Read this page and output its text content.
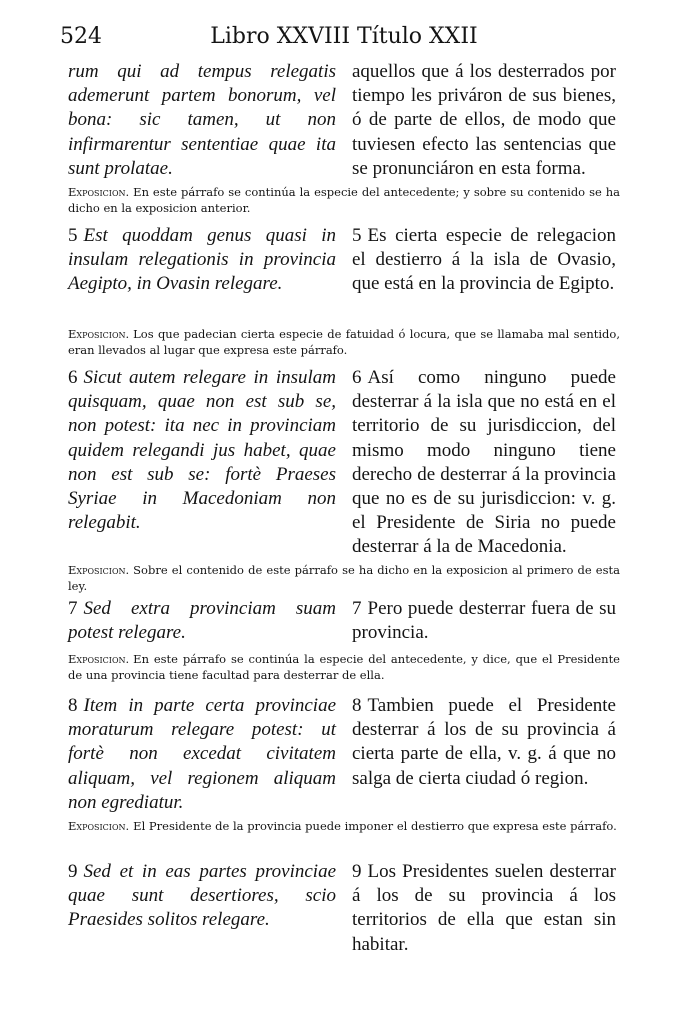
524	Libro XXVIII Título XXII
rum qui ad tempus relegatis ademerunt partem bonorum, vel bona: sic tamen, ut non infirmarentur sententiae quae ita sunt prolatae.
aquellos que á los desterrados por tiempo les priváron de sus bienes, ó de parte de ellos, de modo que tuviesen efecto las sentencias que se pronunciáron en esta forma.
Exposicion. En este párrafo se continúa la especie del antecedente; y sobre su contenido se ha dicho en la exposicion anterior.
5 Est quoddam genus quasi in insulam relegationis in provincia Aegipto, in Ovasin relegare.
5 Es cierta especie de relegacion el destierro á la isla de Ovasio, que está en la provincia de Egipto.
Exposicion. Los que padecian cierta especie de fatuidad ó locura, que se llamaba mal sentido, eran llevados al lugar que expresa este párrafo.
6 Sicut autem relegare in insulam quisquam, quae non est sub se, non potest: ita nec in provinciam quidem relegandi jus habet, quae non est sub se: fortè Praeses Syriae in Macedoniam non relegabit.
6 Así como ninguno puede desterrar á la isla que no está en el territorio de su jurisdiccion, del mismo modo ninguno tiene derecho de desterrar á la provincia que no es de su jurisdiccion: v. g. el Presidente de Siria no puede desterrar á la de Macedonia.
Exposicion. Sobre el contenido de este párrafo se ha dicho en la exposicion al primero de esta ley.
7 Sed extra provinciam suam potest relegare.
7 Pero puede desterrar fuera de su provincia.
Exposicion. En este párrafo se continúa la especie del antecedente, y dice, que el Presidente de una provincia tiene facultad para desterrar de ella.
8 Item in parte certa provinciae moraturum relegare potest: ut fortè non excedat civitatem aliquam, vel regionem aliquam non egrediatur.
8 Tambien puede el Presidente desterrar á los de su provincia á cierta parte de ella, v. g. á que no salga de cierta ciudad ó region.
Exposicion. El Presidente de la provincia puede imponer el destierro que expresa este párrafo.
9 Sed et in eas partes provinciae quae sunt desertiores, scio Praesides solitos relegare.
9 Los Presidentes suelen desterrar á los de su provincia á los territorios de ella que estan sin habitar.
